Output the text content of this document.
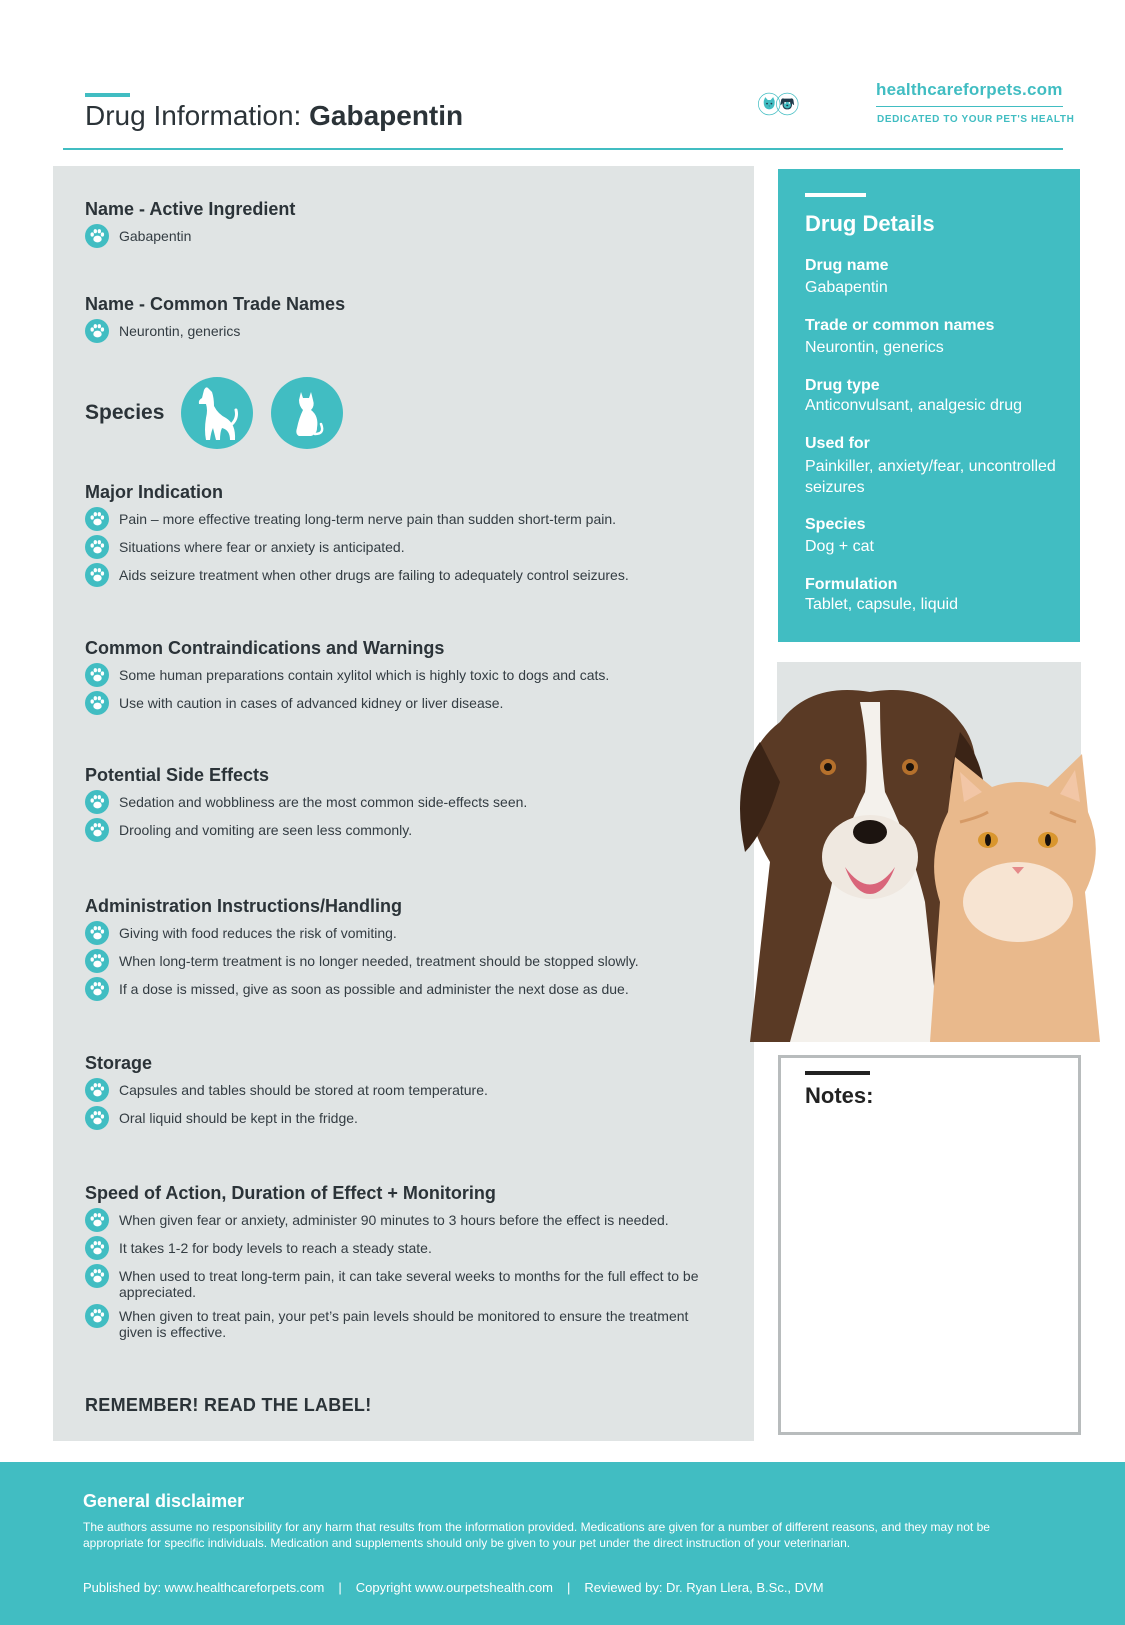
Drug Information: Gabapentin
healthcareforpets.com
DEDICATED TO YOUR PET'S HEALTH
Name - Active Ingredient
Gabapentin
Name - Common Trade Names
Neurontin, generics
Species
Major Indication
Pain – more effective treating long-term nerve pain than sudden short-term pain.
Situations where fear or anxiety is anticipated.
Aids seizure treatment when other drugs are failing to adequately control seizures.
Common Contraindications and Warnings
Some human preparations contain xylitol which is highly toxic to dogs and cats.
Use with caution in cases of advanced kidney or liver disease.
Potential Side Effects
Sedation and wobbliness are the most common side-effects seen.
Drooling and vomiting are seen less commonly.
Administration Instructions/Handling
Giving with food reduces the risk of vomiting.
When long-term treatment is no longer needed, treatment should be stopped slowly.
If a dose is missed, give as soon as possible and administer the next dose as due.
Storage
Capsules and tables should be stored at room temperature.
Oral liquid should be kept in the fridge.
Speed of Action, Duration of Effect + Monitoring
When given fear or anxiety, administer 90 minutes to 3 hours before the effect is needed.
It takes 1-2 for body levels to reach a steady state.
When used to treat long-term pain, it can take several weeks to months for the full effect to be appreciated.
When given to treat pain, your pet’s pain levels should be monitored to ensure the treatment given is effective.
REMEMBER! READ THE LABEL!
Drug Details
Drug name
Gabapentin
Trade or common names
Neurontin, generics
Drug type
Anticonvulsant, analgesic drug
Used for
Painkiller, anxiety/fear, uncontrolled seizures
Species
Dog + cat
Formulation
Tablet, capsule, liquid
Notes:
General disclaimer
The authors assume no responsibility for any harm that results from the information provided. Medications are given for a number of different reasons, and they may not be appropriate for specific individuals. Medication and supplements should only be given to your pet under the direct instruction of your veterinarian.
Published by: www.healthcareforpets.com | Copyright www.ourpetshealth.com | Reviewed by: Dr. Ryan Llera, B.Sc., DVM
